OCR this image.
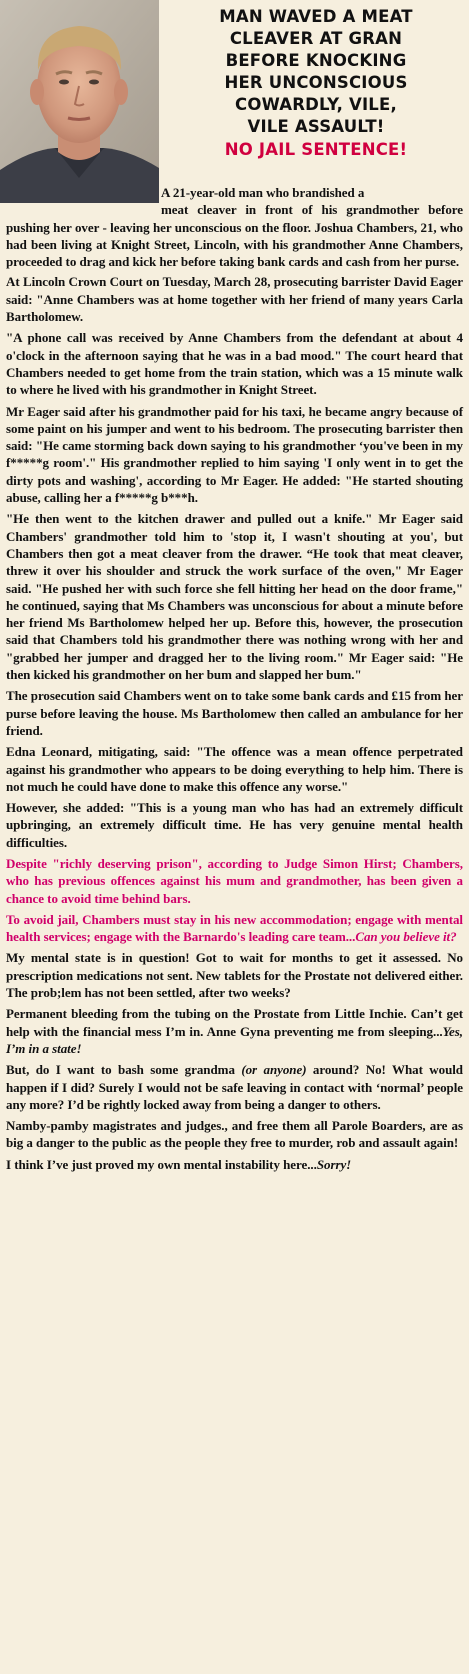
MAN WAVED A MEAT
CLEAVER AT GRAN
BEFORE KNOCKING
HER UNCONSCIOUS
COWARDLY, VILE,
VILE ASSAULT!
NO JAIL SENTENCE!

A 21-year-old man who brandished a
meat cleaver in front of his grandmother before pushing her over - leaving her unconscious on the floor. Joshua Chambers, 21, who had been living at Knight Street, Lincoln, with his grandmother Anne Chambers, proceeded to drag and kick her before taking bank cards and cash from her purse.

At Lincoln Crown Court on Tuesday, March 28, prosecuting barrister David Eager said: "Anne Chambers was at home together with her friend of many years Carla Bartholomew.

"A phone call was received by Anne Chambers from the defendant at about 4 o'clock in the afternoon saying that he was in a bad mood." The court heard that Chambers needed to get home from the train station, which was a 15 minute walk to where he lived with his grandmother in Knight Street.

Mr Eager said after his grandmother paid for his taxi, he became angry because of some paint on his jumper and went to his bedroom. The prosecuting barrister then said: "He came storming back down saying to his grandmother ‘you've been in my f*****g room'." His grandmother replied to him saying 'I only went in to get the dirty pots and washing', according to Mr Eager. He added: "He started shouting abuse, calling her a f*****g b***h.

"He then went to the kitchen drawer and pulled out a knife." Mr Eager said Chambers' grandmother told him to 'stop it, I wasn't shouting at you', but Chambers then got a meat cleaver from the drawer. “He took that meat cleaver, threw it over his shoulder and struck the work surface of the oven," Mr Eager said. "He pushed her with such force she fell hitting her head on the door frame," he continued, saying that Ms Chambers was unconscious for about a minute before her friend Ms Bartholomew helped her up. Before this, however, the prosecution said that Chambers told his grandmother there was nothing wrong with her and "grabbed her jumper and dragged her to the living room." Mr Eager said: "He then kicked his grandmother on her bum and slapped her bum."

The prosecution said Chambers went on to take some bank cards and £15 from her purse before leaving the house. Ms Bartholomew then called an ambulance for her friend.

Edna Leonard, mitigating, said: "The offence was a mean offence perpetrated against his grandmother who appears to be doing everything to help him. There is not much he could have done to make this offence any worse."

However, she added: "This is a young man who has had an extremely difficult upbringing, an extremely difficult time. He has very genuine mental health difficulties.

Despite "richly deserving prison", according to Judge Simon Hirst; Chambers, who has previous offences against his mum and grandmother, has been given a chance to avoid time behind bars.

To avoid jail, Chambers must stay in his new accommodation; engage with mental health services; engage with the Barnardo's leading care team...Can you believe it?

My mental state is in question! Got to wait for months to get it assessed. No prescription medications not sent. New tablets for the Prostate not delivered either. The prob;lem has not been settled, after two weeks?

Permanent bleeding from the tubing on the Prostate from Little Inchie. Can’t get help with the financial mess I’m in. Anne Gyna preventing me from sleeping...Yes, I’m in a state!

But, do I want to bash some grandma (or anyone) around? No! What would happen if I did? Surely I would not be safe leaving in contact with ‘normal’ people any more? I’d be rightly locked away from being a danger to others.

Namby-pamby magistrates and judges., and free them all Parole Boarders, are as big a danger to the public as the people they free to murder, rob and assault again!

I think I’ve just proved my own mental instability here...Sorry!
